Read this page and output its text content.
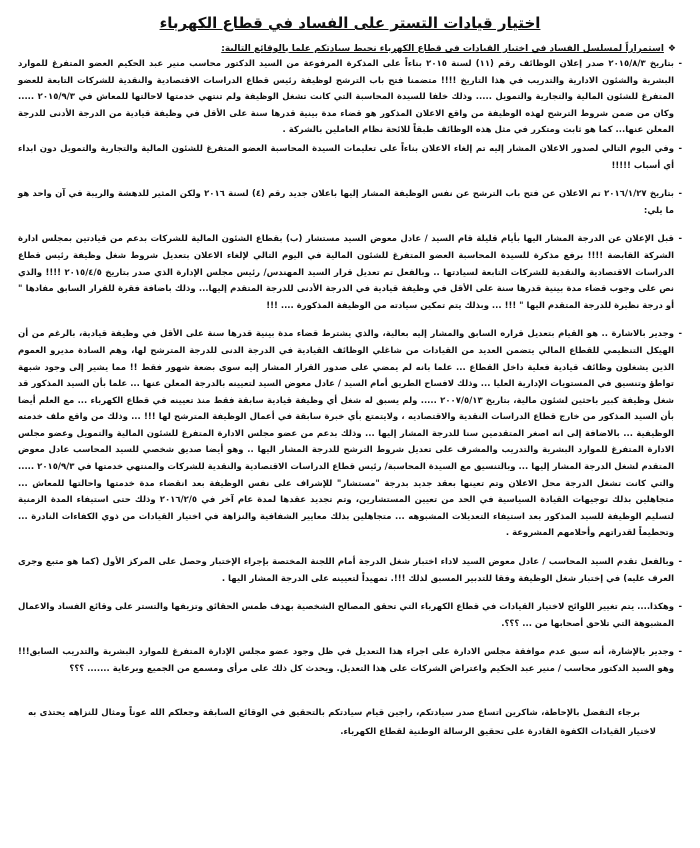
اختيار قيادات التستر على الفساد في قطاع الكهرباء
❖استمراراً لمسلسل الفساد في اختيار القيادات في قطاع الكهرباء نحيط سيادتكم علما بالوقائع التالية:
-
بتاريخ ٢٠١٥/٨/٣ صدر إعلان الوظائف رقم (١١) لسنة ٢٠١٥ بناءاً على المذكرة المرفوعة من السيد الدكتور محاسب منير عبد الحكيم العضو المتفرغ للموارد البشرية والشئون الادارية والتدريب في هذا التاريخ !!!! متضمنا فتح باب الترشح لوظيفة رئيس قطاع الدراسات الاقتصادية والنقدية للشركات التابعة للعضو المتفرغ للشئون المالية والتجارية والتمويل ..... وذلك خلفا للسيدة المحاسبة التي كانت تشغل الوظيفة ولم تنتهي خدمتها لاحالتها للمعاش في ٢٠١٥/٩/٣ ..... وكان من ضمن شروط الترشح لهذه الوظيفة من واقع الاعلان المذكور هو قضاء مدة بينية قدرها سنة على الأقل في وظيفة قيادية من الدرجة الأدنى للدرجة المعلن عنها... كما هو ثابت ومتكرر في مثل هذه الوظائف طبقاً للائحة نظام العاملين بالشركة .
-
وفي اليوم التالي لصدور الاعلان المشار إليه تم إلغاء الاعلان بناءاً على تعليمات السيدة المحاسبة العضو المتفرغ للشئون المالية والتجارية والتمويل دون ابداء أي أسباب !!!!!
-
بتاريخ ٢٠١٦/١/٢٧ تم الاعلان عن فتح باب الترشح عن نفس الوظيفة المشار إليها باعلان جديد رقم (٤) لسنة ٢٠١٦ ولكن المثير للدهشة والريبة في آن واحد هو ما يلي:
-
قبل الإعلان عن الدرجة المشار اليها بأيام قليلة قام السيد / عادل معوض السيد مستشار (ب) بقطاع الشئون المالية للشركات بدعم من قيادتين بمجلس ادارة الشركة القابضة !!!! برفع مذكرة للسيدة المحاسبة العضو المتفرغ للشئون المالية في اليوم التالي لإلغاء الاعلان بتعديل شروط شغل وظيفة رئيس قطاع الدراسات الاقتصادية والنقدية للشركات التابعة لسيادتها .. وبالفعل تم تعديل قرار السيد المهندس/ رئيس مجلس الإدارة الذي صدر بتاريخ ٢٠١٥/٤/٥ !!!! والذي نص على وجوب قضاء مدة بينية قدرها سنة على الأقل في وظيفة قيادية في الدرجة الأدنى للدرجة المتقدم إليها... وذلك باضافة فقرة للقرار السابق مفادها " أو درجة نظيرة للدرجة المتقدم اليها " !!! ... وبذلك يتم تمكين سيادته من الوظيفة المذكورة .... !!!
-
وجدير بالاشارة .. هو القيام بتعديل قراره السابق والمشار إليه بعالية، والذي يشترط قضاء مدة بينية قدرها سنة على الأقل في وظيفة قيادية، بالرغم من أن الهيكل التنظيمي للقطاع المالي يتضمن العديد من القيادات من شاغلي الوظائف القيادية في الدرجة الدنى للدرجة المترشح لها، وهم السادة مديرو العموم الذين يشغلون وظائف قيادية فعلية داخل القطاع ... علما بانه لم يمضي على صدور القرار المشار إليه سوى بضعة شهور فقط !! مما يشير إلى وجود شبهة تواطؤ وتنسيق في المستويات الإدارية العليا ... وذلك لافساح الطريق أمام السيد / عادل معوض السيد لتعيينه بالدرجة المعلن عنها ... علما بأن السيد المذكور قد شغل وظيفة كبير باحثين لشئون مالية، بتاريخ ٢٠٠٧/٥/١٣ ..... ولم يسبق له شغل أي وظيفة قيادية سابقة فقط منذ تعيينه في قطاع الكهرباء ... مع العلم أيضا بأن السيد المذكور من خارج قطاع الدراسات النقدية والاقتصاديه ، ولايتمتع بأي خبرة سابقة في أعمال الوظيفة المترشح لها !!! ... وذلك من واقع ملف خدمته الوظيفية ... بالاضافة إلى انه اصغر المتقدمين سنا للدرجة المشار إليها ... وذلك بدعم من عضو مجلس الادارة المتفرغ للشئون المالية والتمويل وعضو مجلس الادارة المتفرغ للموارد البشرية والتدريب والمشرف على تعديل شروط الترشح للدرجة المشار اليها .. وهو أيضا صديق شخصي للسيد المحاسب عادل معوض المتقدم لشغل الدرجة المشار إليها ... وبالتنسيق مع السيدة المحاسبة/ رئيس قطاع الدراسات الاقتصادية والنقدية للشركات والمنتهي خدمتها في ٢٠١٥/٩/٣ ..... والتي كانت تشغل الدرجة محل الاعلان وتم تعينها بعقد جديد بدرجة "مستشار" للإشراف على نفس الوظيفة بعد انقضاء مدة خدمتها واحالتها للمعاش ... متجاهلين بذلك توجيهات القيادة السياسية في الحد من تعيين المستشارين، وتم تجديد عقدها لمدة عام آخر في ٢٠١٦/٢/٥ وذلك حتى استيفاء المدة الزمنية لتسليم الوظيفة للسيد المذكور بعد استيفاء التعديلات المشبوهه ... متجاهلين بذلك معايير الشفافية والنزاهة في اختيار القيادات من ذوي الكفاءات النادرة ... وتحطيماً لقدراتهم وأحلامهم المشروعة .
-
وبالفعل تقدم السيد المحاسب / عادل معوض السيد لاداء اختبار شغل الدرجة أمام اللجنة المختصة بإجراء الإختبار وحصل على المركز الأول (كما هو متبع وجرى العرف عليه) في إختبار شغل الوظيفة وفقا للتدبير المسبق لذلك !!!. تمهيداً لتعيينه على الدرجة المشار اليها .
-
وهكذا.... يتم تغيير اللوائح لاختيار القيادات في قطاع الكهرباء التي تحقق المصالح الشخصية بهدف طمس الحقائق وتزيفها والتستر على وقائع الفساد والاعمال المشبوهة التي تلاحق أصحابها من ... ؟؟؟.
-
وجدير بالإشارة، أنه سبق عدم موافقة مجلس الادارة على اجراء هذا التعديل في ظل وجود عضو مجلس الإدارة المتفرغ للموارد البشرية والتدريب السابق!!! وهو السيد الدكتور محاسب / منير عبد الحكيم واعتراض الشركات على هذا التعديل. ويحدث كل ذلك على مرأى ومسمع من الجميع وبرعاية ....... ؟؟؟
برجاء التفضل بالإحاطة، شاكرين اتساع صدر سيادتكم، راجين قيام سيادتكم بالتحقيق في الوقائع السابقة وجعلكم الله عوناً ومثال للنزاهه يحتذى به لاختيار القيادات الكفوة القادرة على تحقيق الرسالة الوطنية لقطاع الكهرباء.
